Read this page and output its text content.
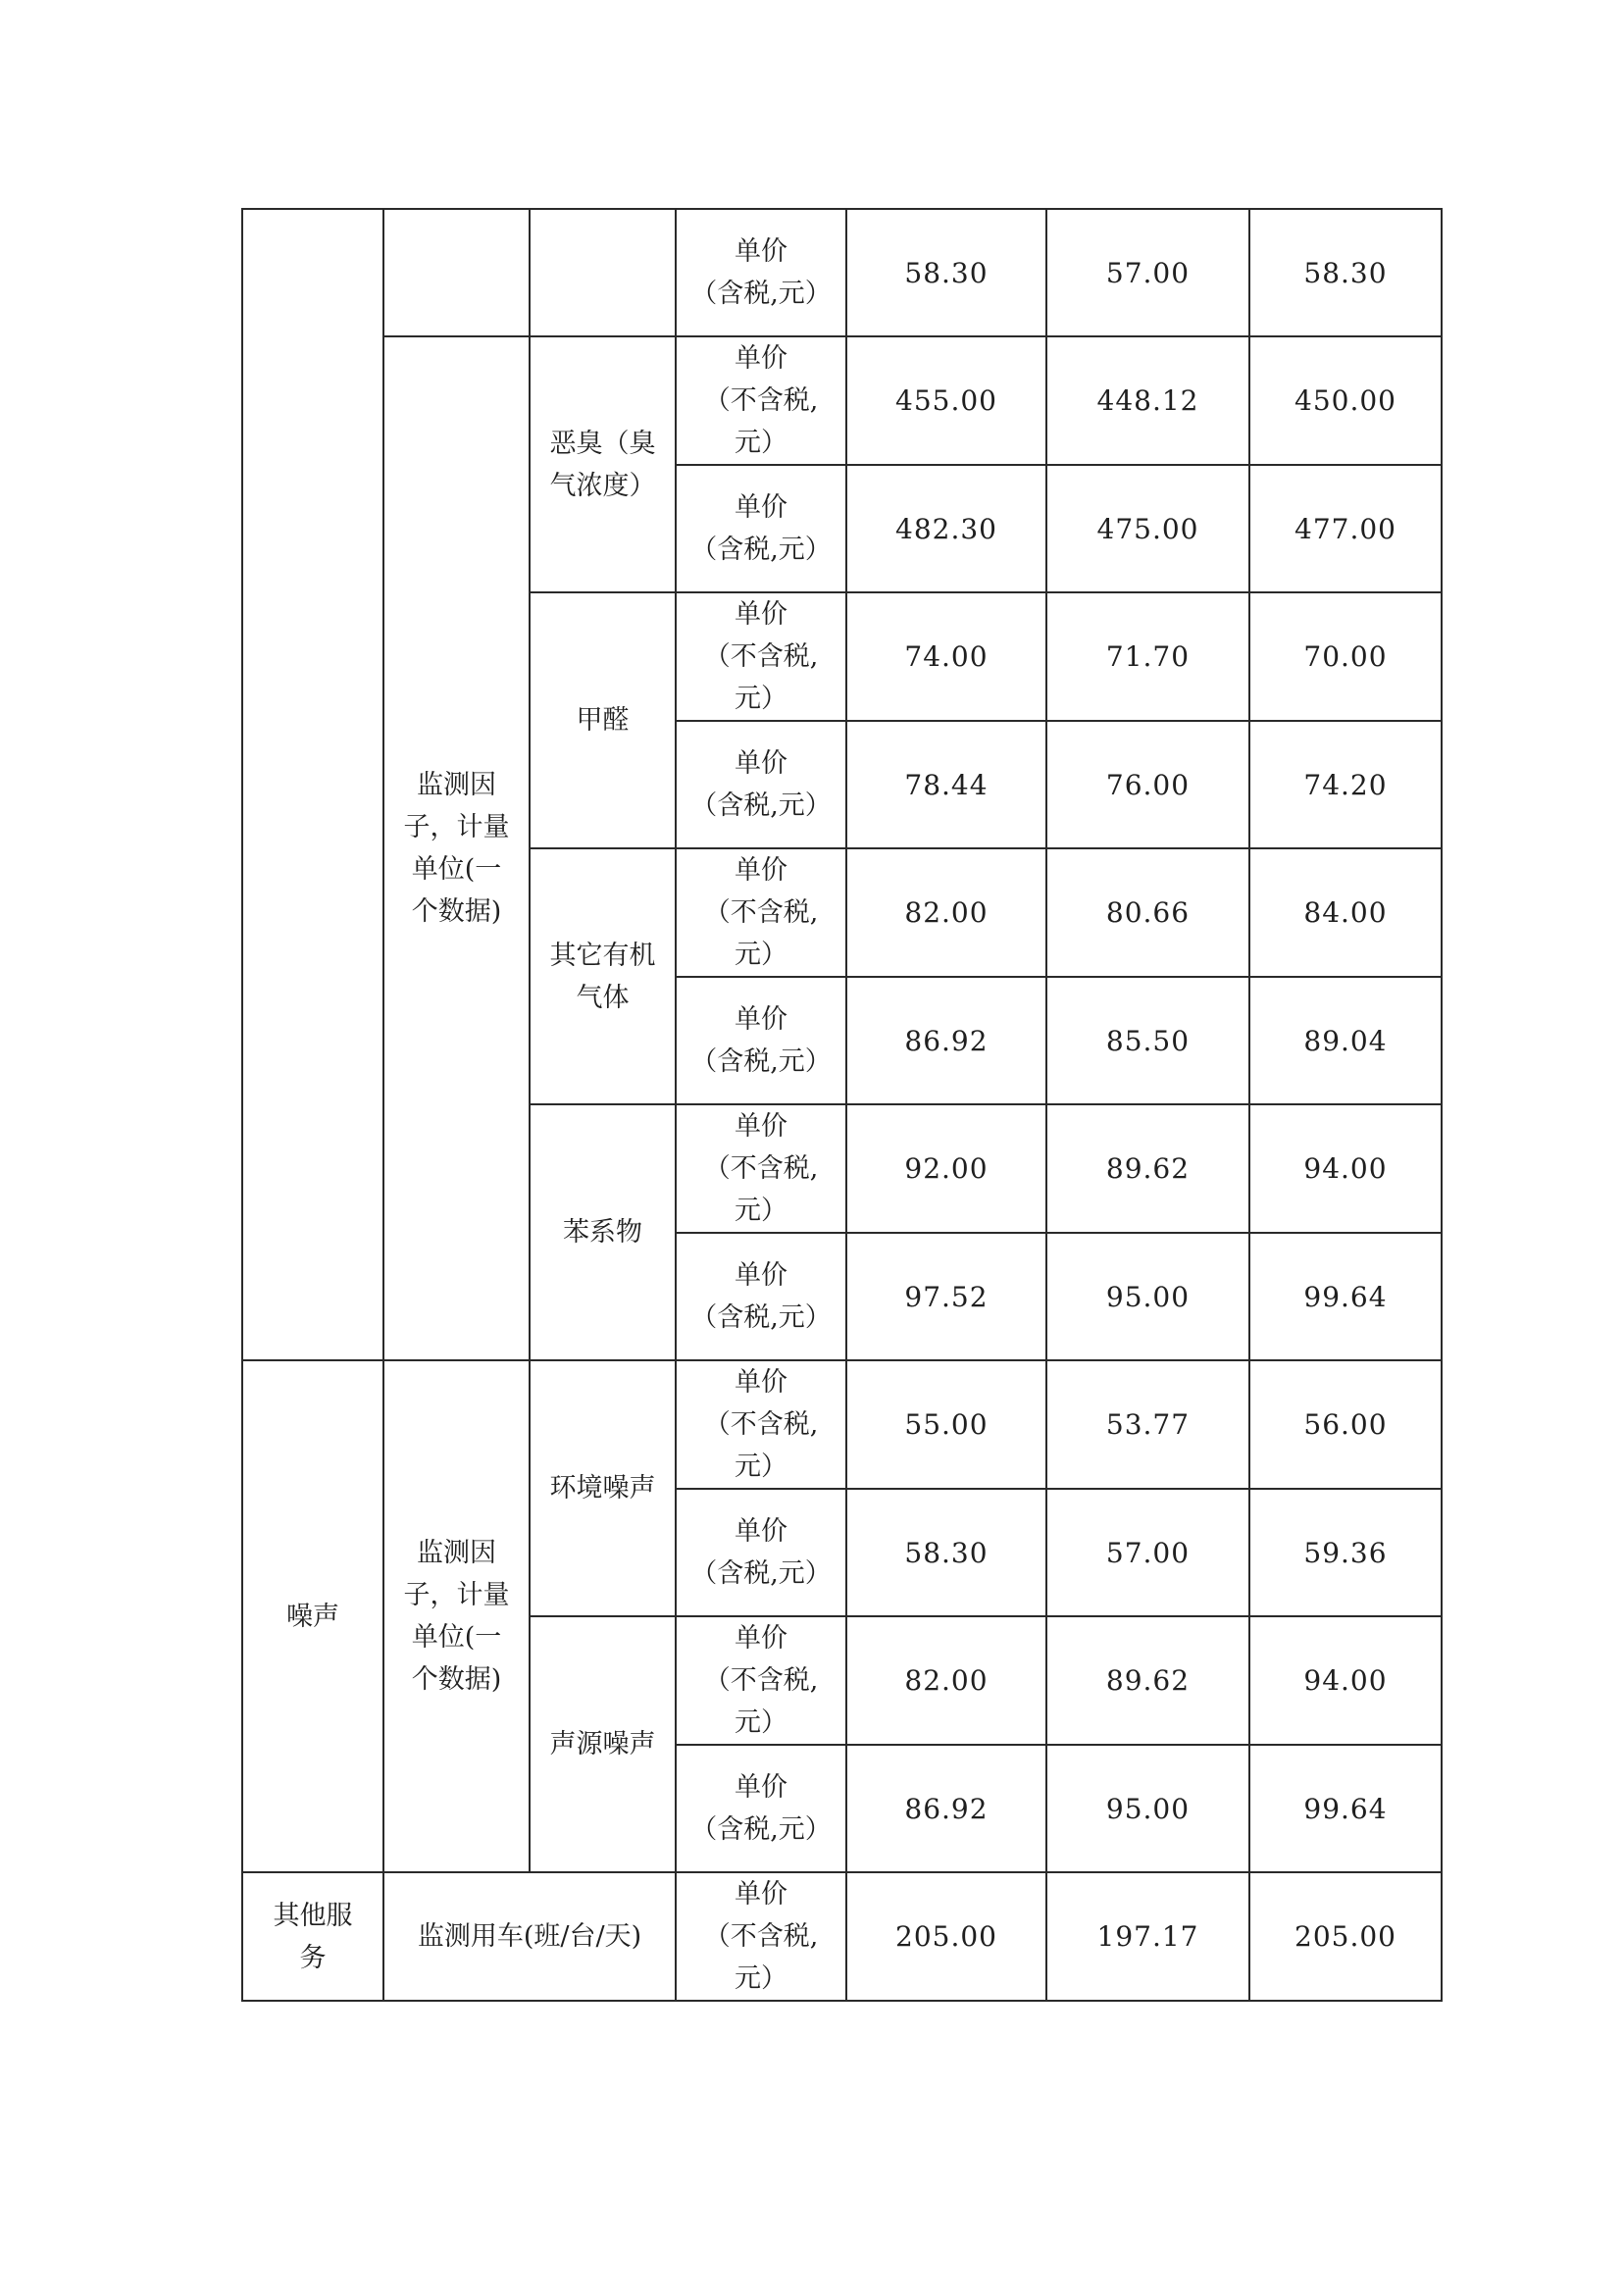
			单价
（含税,元）	58.30	57.00	58.30
	监测因
子，计量
单位(一
个数据)	恶臭（臭
气浓度）	单价
（不含税,
元）	455.00	448.12	450.00
			单价
（含税,元）	482.30	475.00	477.00
		甲醛	单价
（不含税,
元）	74.00	71.70	70.00
			单价
（含税,元）	78.44	76.00	74.20
		其它有机
气体	单价
（不含税,
元）	82.00	80.66	84.00
			单价
（含税,元）	86.92	85.50	89.04
		苯系物	单价
（不含税,
元）	92.00	89.62	94.00
			单价
（含税,元）	97.52	95.00	99.64
噪声	监测因
子，计量
单位(一
个数据)	环境噪声	单价
（不含税,
元）	55.00	53.77	56.00
			单价
（含税,元）	58.30	57.00	59.36
		声源噪声	单价
（不含税,
元）	82.00	89.62	94.00
			单价
（含税,元）	86.92	95.00	99.64
其他服
务	监测用车(班/台/天)		单价
（不含税,
元）	205.00	197.17	205.00
